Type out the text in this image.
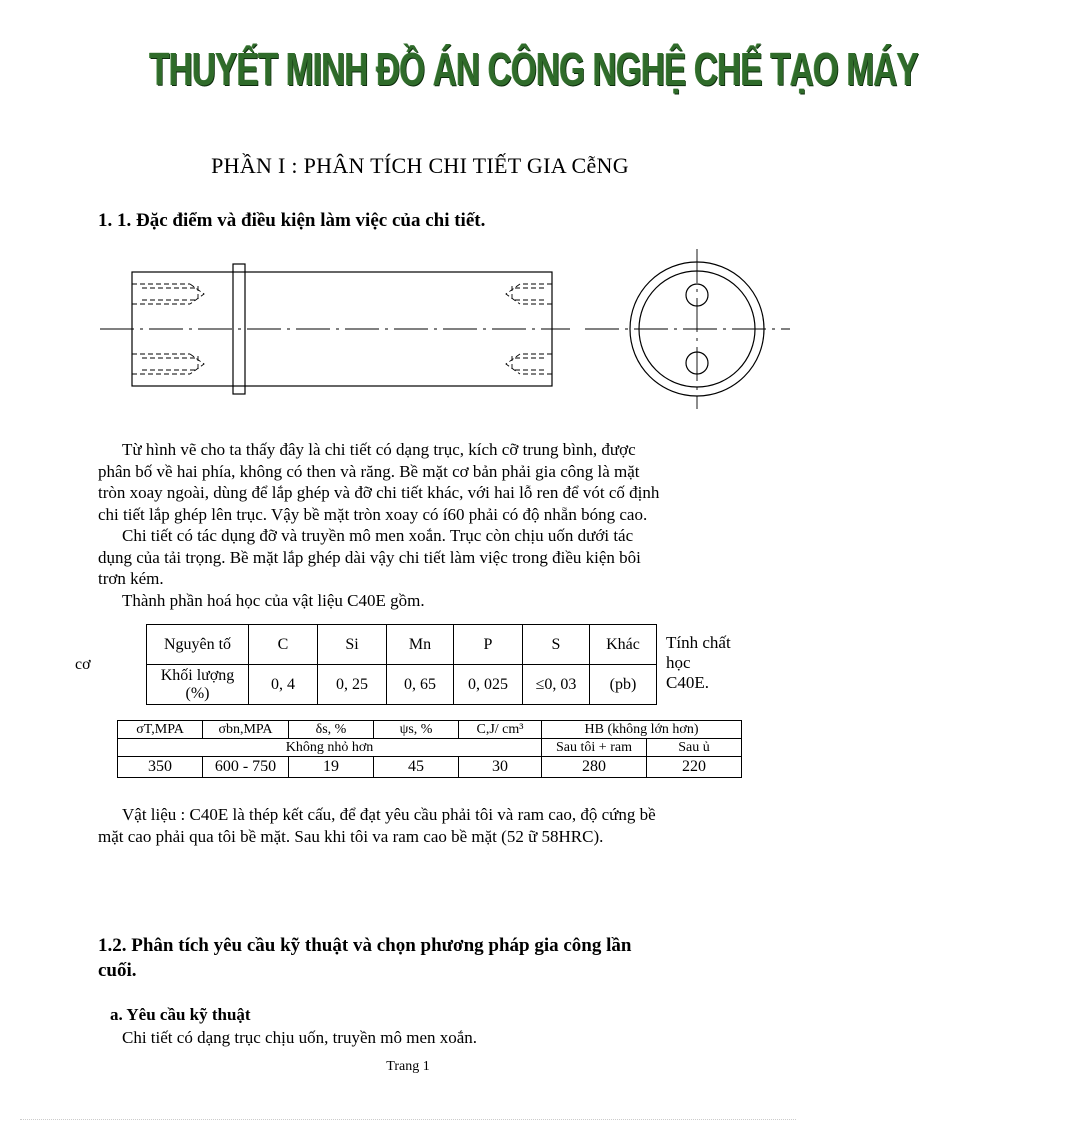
THUYẾT MINH ĐỒ ÁN CÔNG NGHỆ CHẾ TẠO MÁY
PHẦN I : PHÂN TÍCH CHI TIẾT GIA CễNG
1. 1. Đặc điểm và điều kiện làm việc của chi tiết.

Từ hình vẽ cho ta thấy đây là chi tiết có dạng trục, kích cỡ trung bình, được
phân bố về hai phía, không có then và răng. Bề mặt cơ bản phải gia công là mặt
tròn xoay ngoài, dùng để lắp ghép và đỡ chi tiết khác, với hai lỗ ren để vót cố định
chi tiết lắp ghép lên trục. Vậy bề mặt tròn xoay có í60 phải có độ nhẵn bóng cao.

Chi tiết có tác dụng đỡ và truyền mô men xoắn. Trục còn chịu uốn dưới tác
dụng của tải trọng. Bề mặt lắp ghép dài vậy chi tiết làm việc trong điều kiện bôi
trơn kém.

Thành phần hoá học của vật liệu C40E gồm.

cơ
Nguyên tố	C	Si	Mn	P	S	Khác
Khối lượng (%)	0, 4	0, 25	0, 65	0, 025	≤0, 03	(pb)
Tính chất
học
C40E.
σT,MPA	σbn,MPA	δs, %	ψs, %	C,J/ cm³	HB (không lớn hơn)	
Không nhỏ hơn					Sau tôi + ram	Sau ủ
350	600 - 750	19	45	30	280	220

Vật liệu : C40E là thép kết cấu, để đạt yêu cầu phải tôi và ram cao, độ cứng bề
mặt cao phải qua tôi bề mặt. Sau khi tôi va ram cao bề mặt (52 ữ 58HRC).

1.2. Phân tích yêu cầu kỹ thuật và chọn phương pháp gia công lần
cuối.
a. Yêu cầu kỹ thuật
Chi tiết có dạng trục chịu uốn, truyền mô men xoắn.
Trang 1
